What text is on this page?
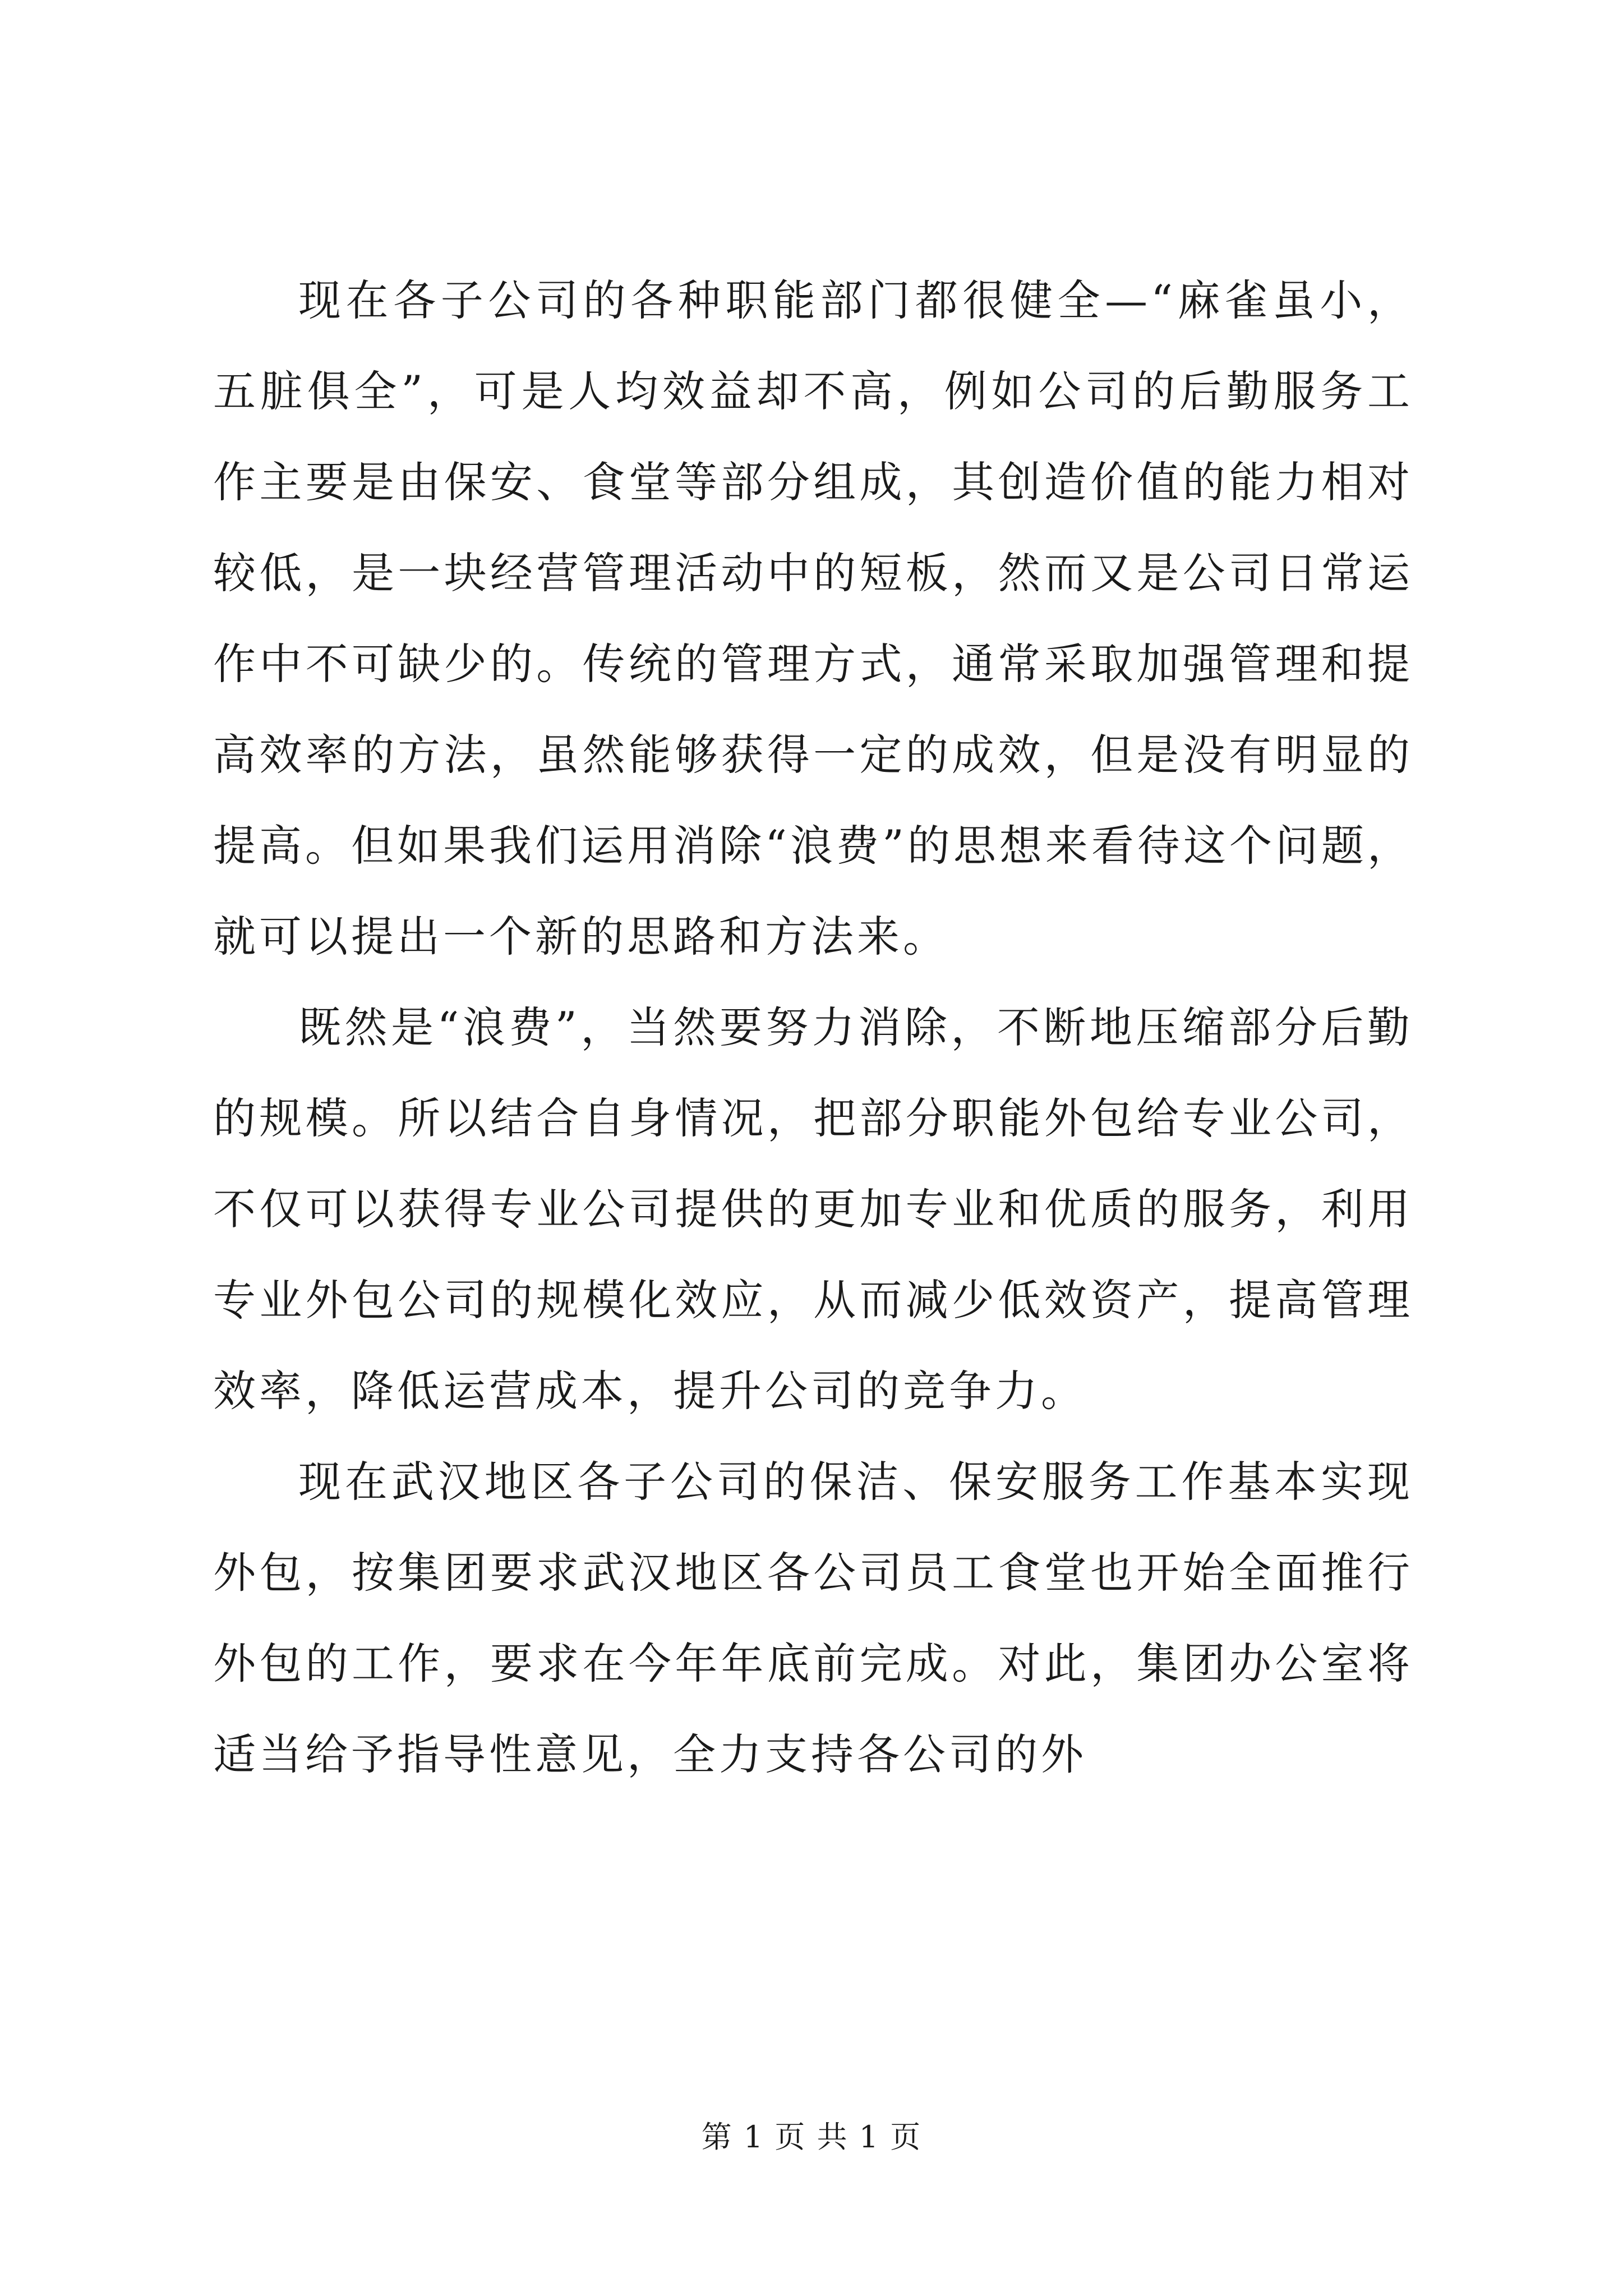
现在各子公司的各种职能部门都很健全—“麻雀虽小，五脏俱全”，可是人均效益却不高，例如公司的后勤服务工作主要是由保安、食堂等部分组成，其创造价值的能力相对较低，是一块经营管理活动中的短板，然而又是公司日常运作中不可缺少的。传统的管理方式，通常采取加强管理和提高效率的方法，虽然能够获得一定的成效，但是没有明显的提高。但如果我们运用消除“浪费”的思想来看待这个问题，就可以提出一个新的思路和方法来。

既然是“浪费”，当然要努力消除，不断地压缩部分后勤的规模。所以结合自身情况，把部分职能外包给专业公司，不仅可以获得专业公司提供的更加专业和优质的服务，利用专业外包公司的规模化效应，从而减少低效资产，提高管理效率，降低运营成本，提升公司的竞争力。

现在武汉地区各子公司的保洁、保安服务工作基本实现外包，按集团要求武汉地区各公司员工食堂也开始全面推行外包的工作，要求在今年年底前完成。对此，集团办公室将适当给予指导性意见，全力支持各公司的外

第 1 页 共 1 页
